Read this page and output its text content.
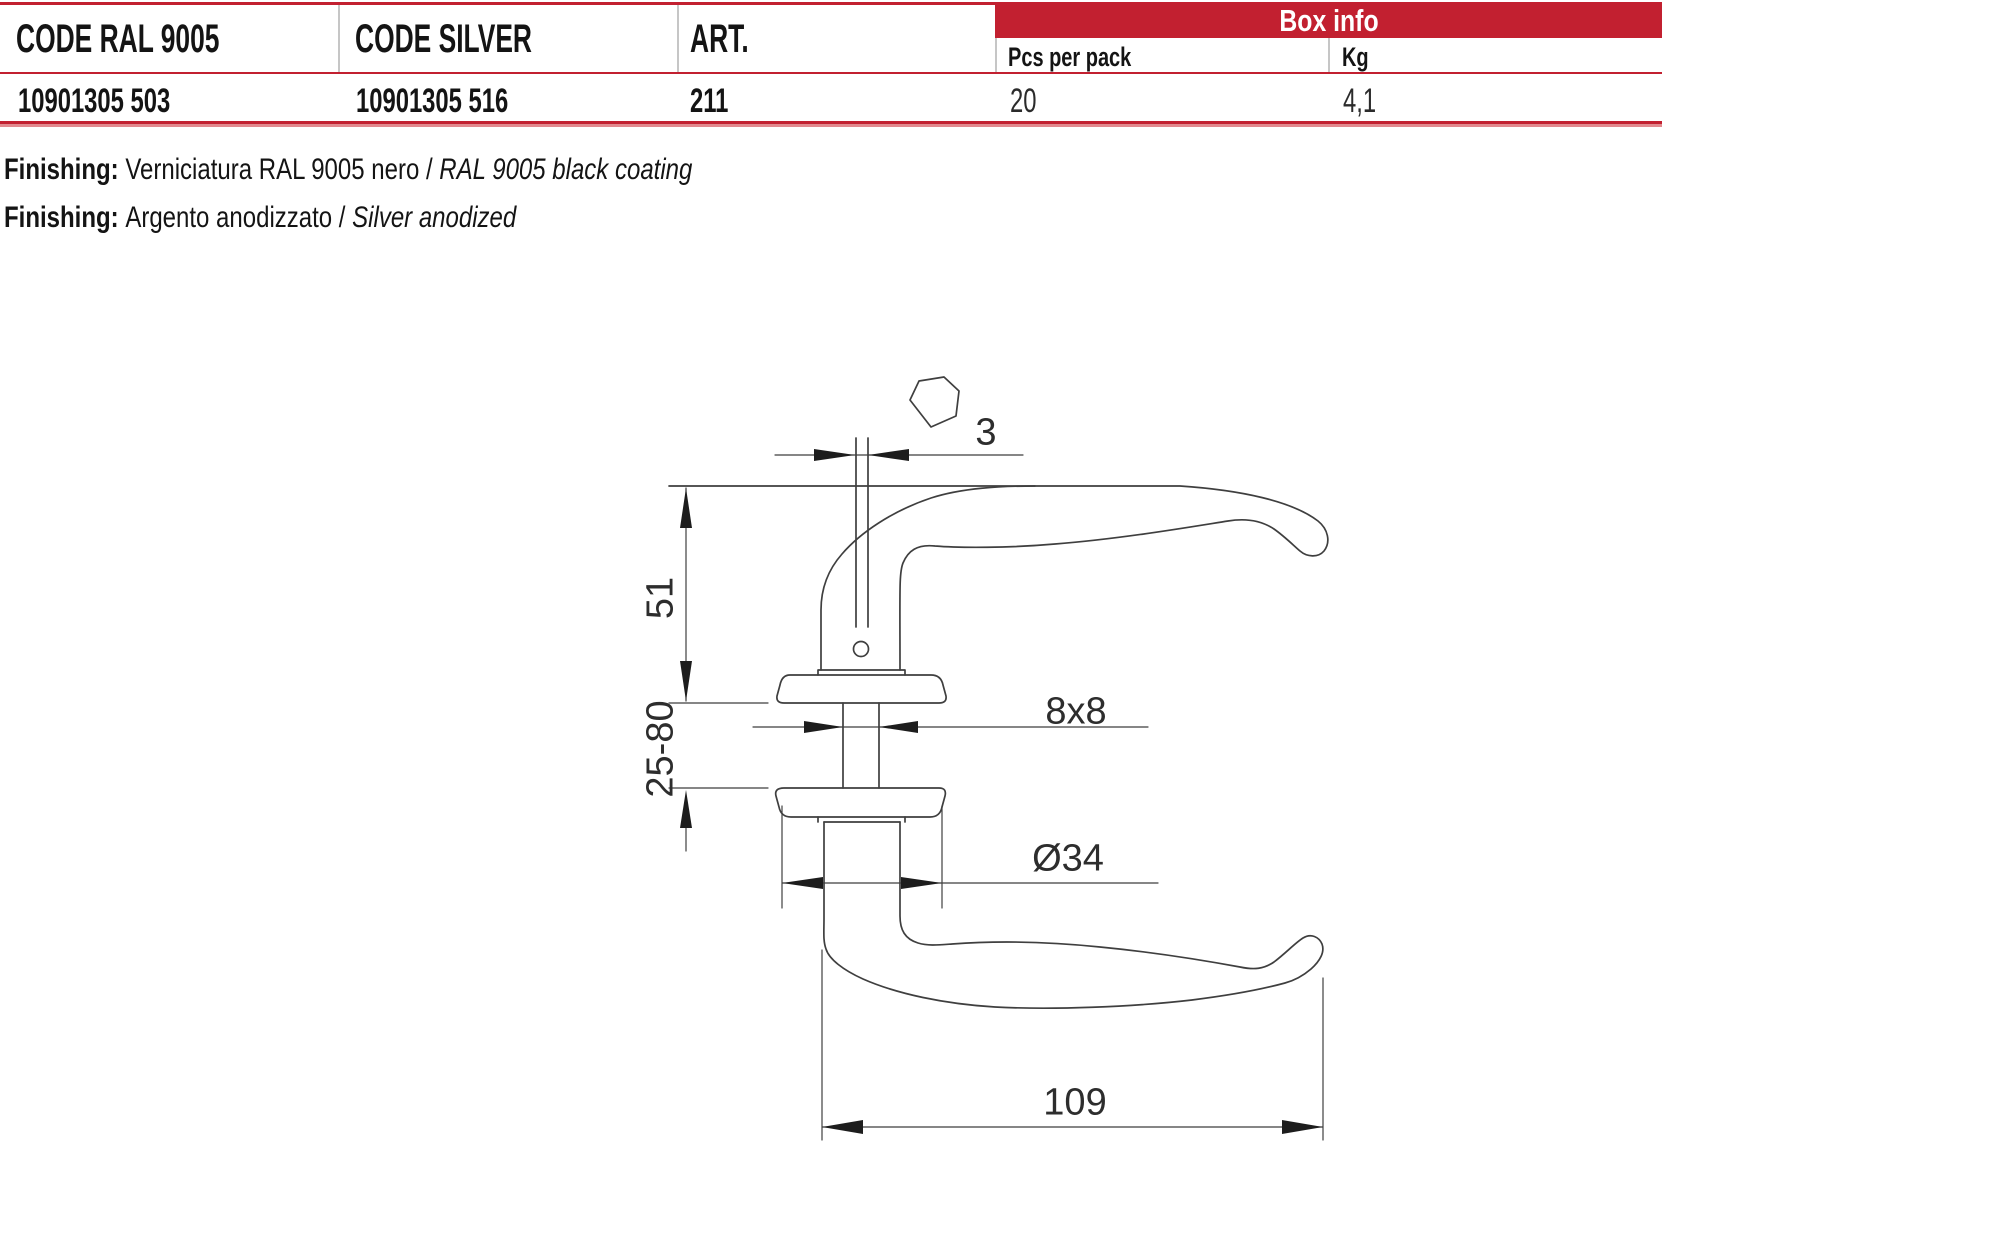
CODE RAL 9005	CODE SILVER	ART.	Box info
Pcs per pack	Kg
10901305 503	10901305 516	211	20	4,1
Finishing: Verniciatura RAL 9005 nero / RAL 9005 black coating
Finishing: Argento anodizzato / Silver anodized
3
51
25-80	8x8
Ø34
109
